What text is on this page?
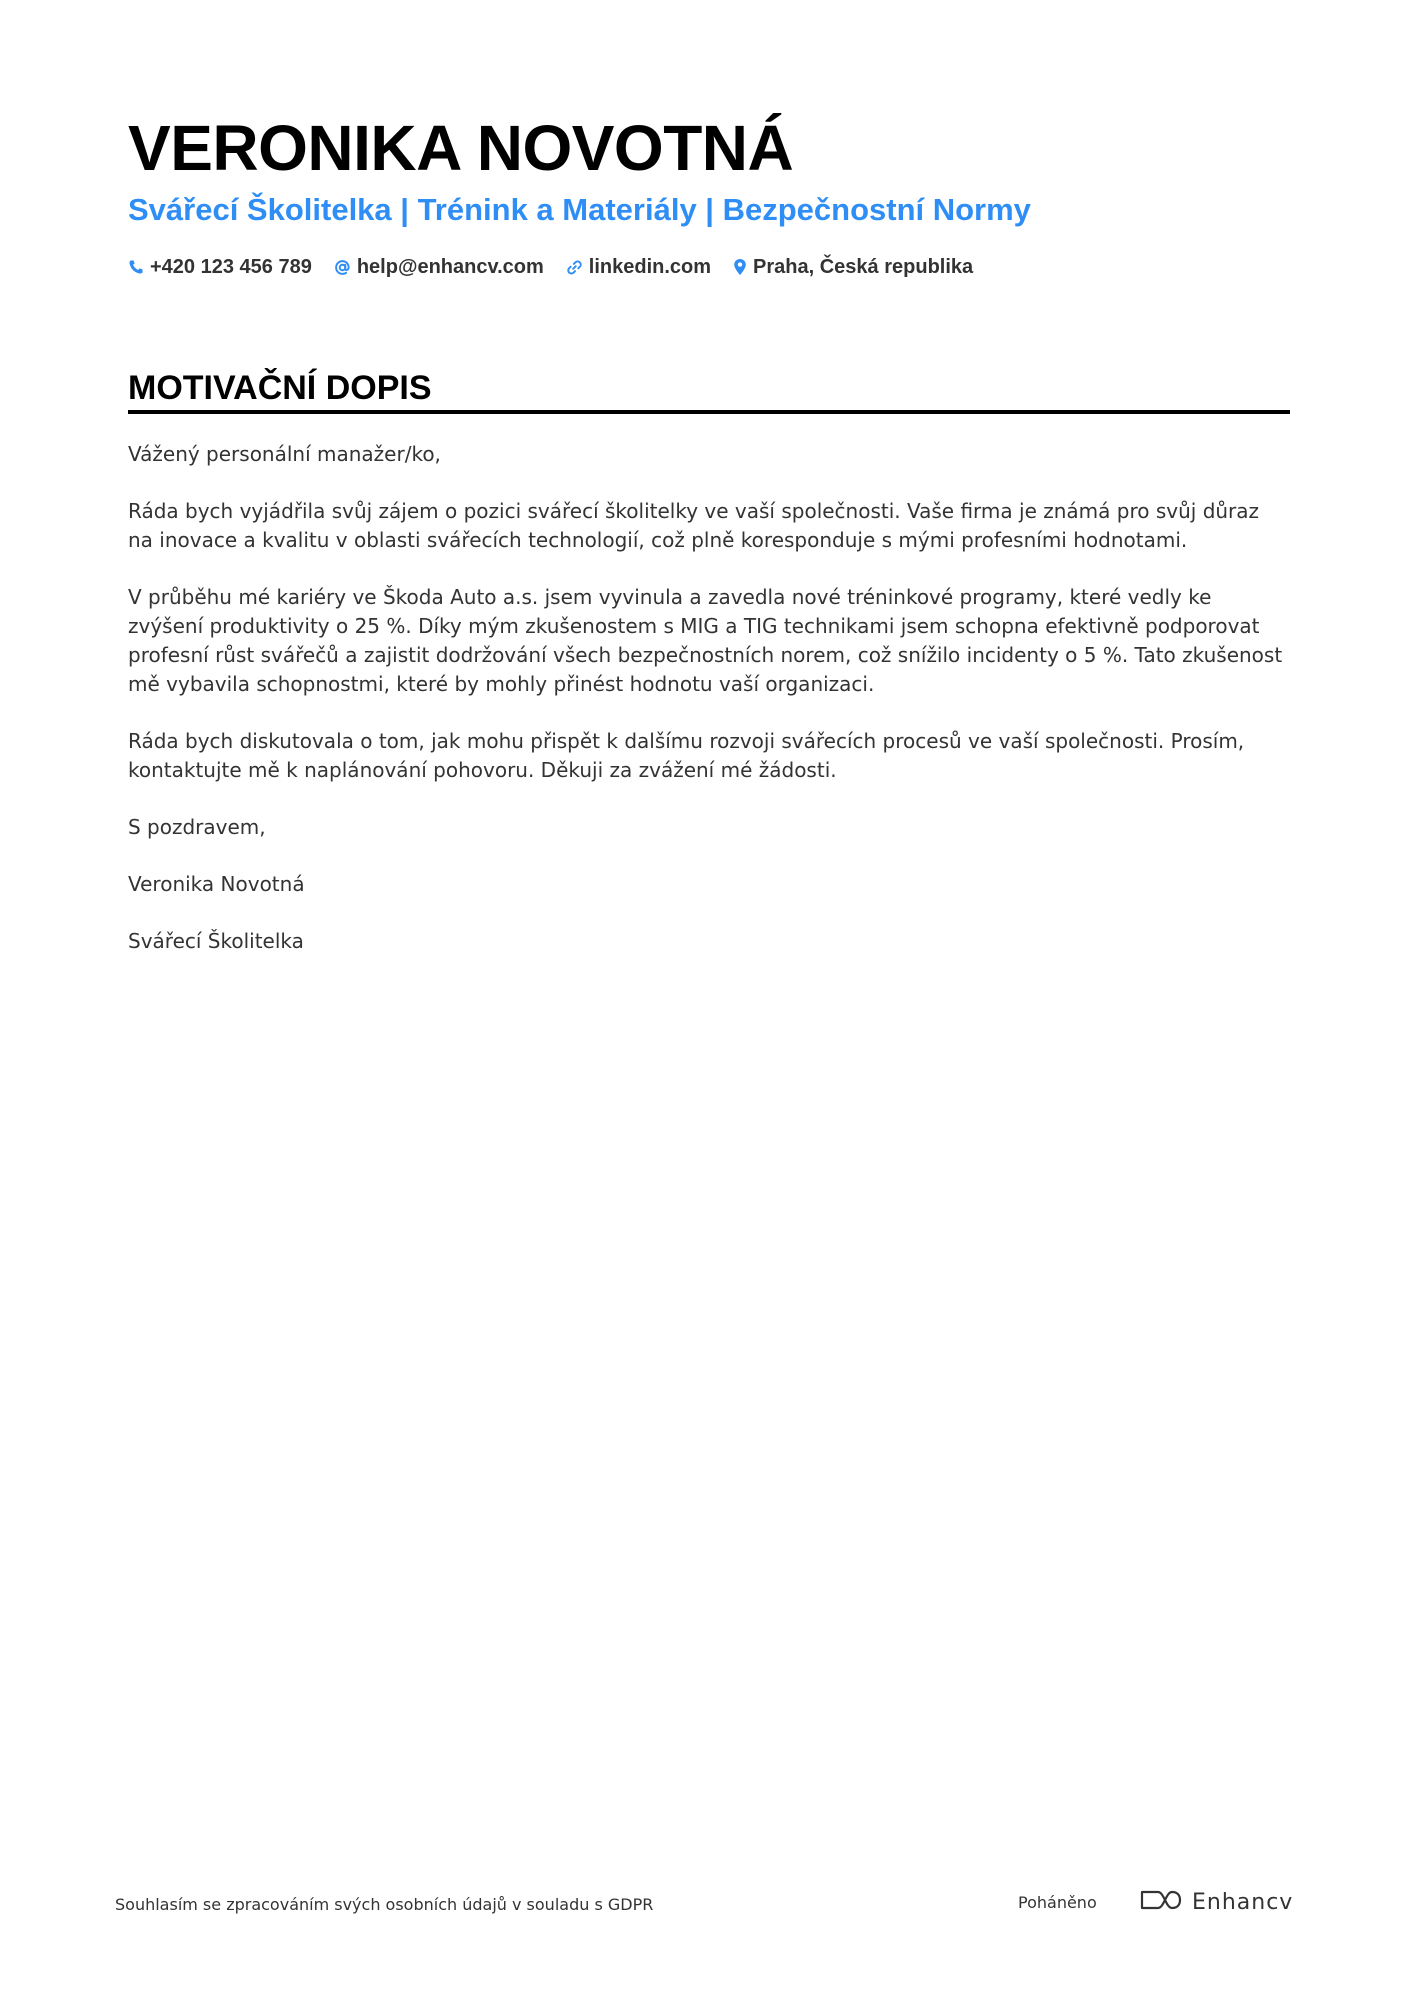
VERONIKA NOVOTNÁ
Svářecí Školitelka | Trénink a Materiály | Bezpečnostní Normy
+420 123 456 789 help@enhancv.com linkedin.com Praha, Česká republika
MOTIVAČNÍ DOPIS

Vážený personální manažer/ko,

Ráda bych vyjádřila svůj zájem o pozici svářecí školitelky ve vaší společnosti. Vaše firma je známá pro svůj důraz na inovace a kvalitu v oblasti svářecích technologií, což plně koresponduje s mými profesními hodnotami.

V průběhu mé kariéry ve Škoda Auto a.s. jsem vyvinula a zavedla nové tréninkové programy, které vedly ke zvýšení produktivity o 25 %. Díky mým zkušenostem s MIG a TIG technikami jsem schopna efektivně podporovat profesní růst svářečů a zajistit dodržování všech bezpečnostních norem, což snížilo incidenty o 5 %. Tato zkušenost mě vybavila schopnostmi, které by mohly přinést hodnotu vaší organizaci.

Ráda bych diskutovala o tom, jak mohu přispět k dalšímu rozvoji svářecích procesů ve vaší společnosti. Prosím, kontaktujte mě k naplánování pohovoru. Děkuji za zvážení mé žádosti.

S pozdravem,

Veronika Novotná

Svářecí Školitelka

Souhlasím se zpracováním svých osobních údajů v souladu s GDPR	Poháněno	Enhancv
